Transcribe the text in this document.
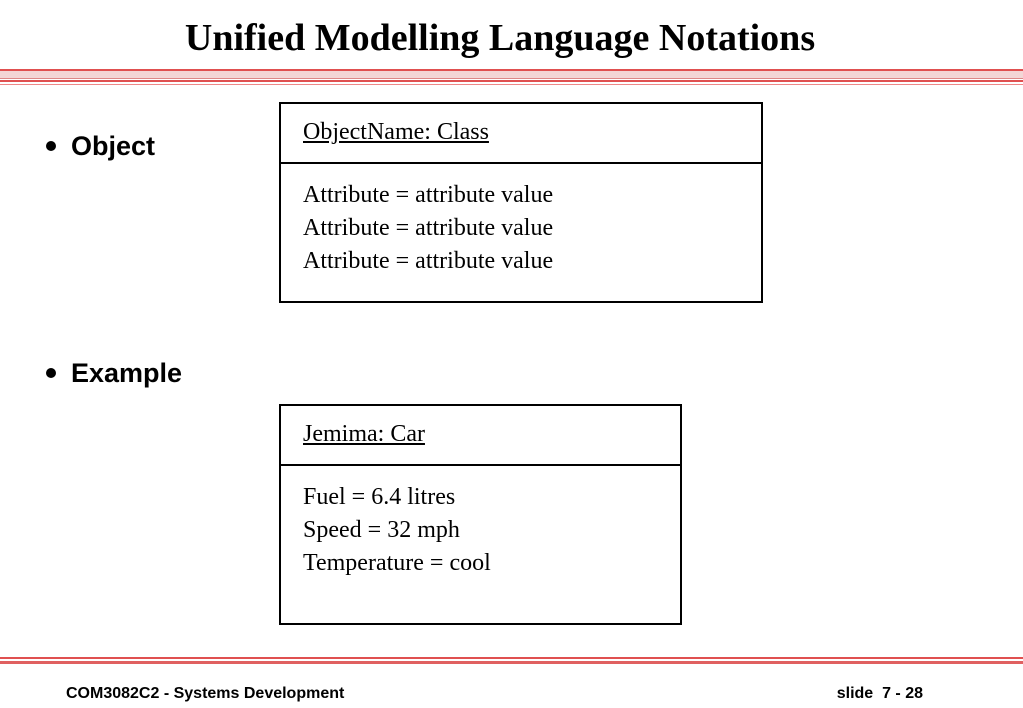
Unified Modelling Language Notations
Object	ObjectName: Class
Attribute = attribute value
Attribute = attribute value
Attribute = attribute value
Example
Jemima: Car
Fuel = 6.4 litres
Speed = 32 mph
Temperature = cool
COM3082C2 - Systems Development	slide  7 - 28
